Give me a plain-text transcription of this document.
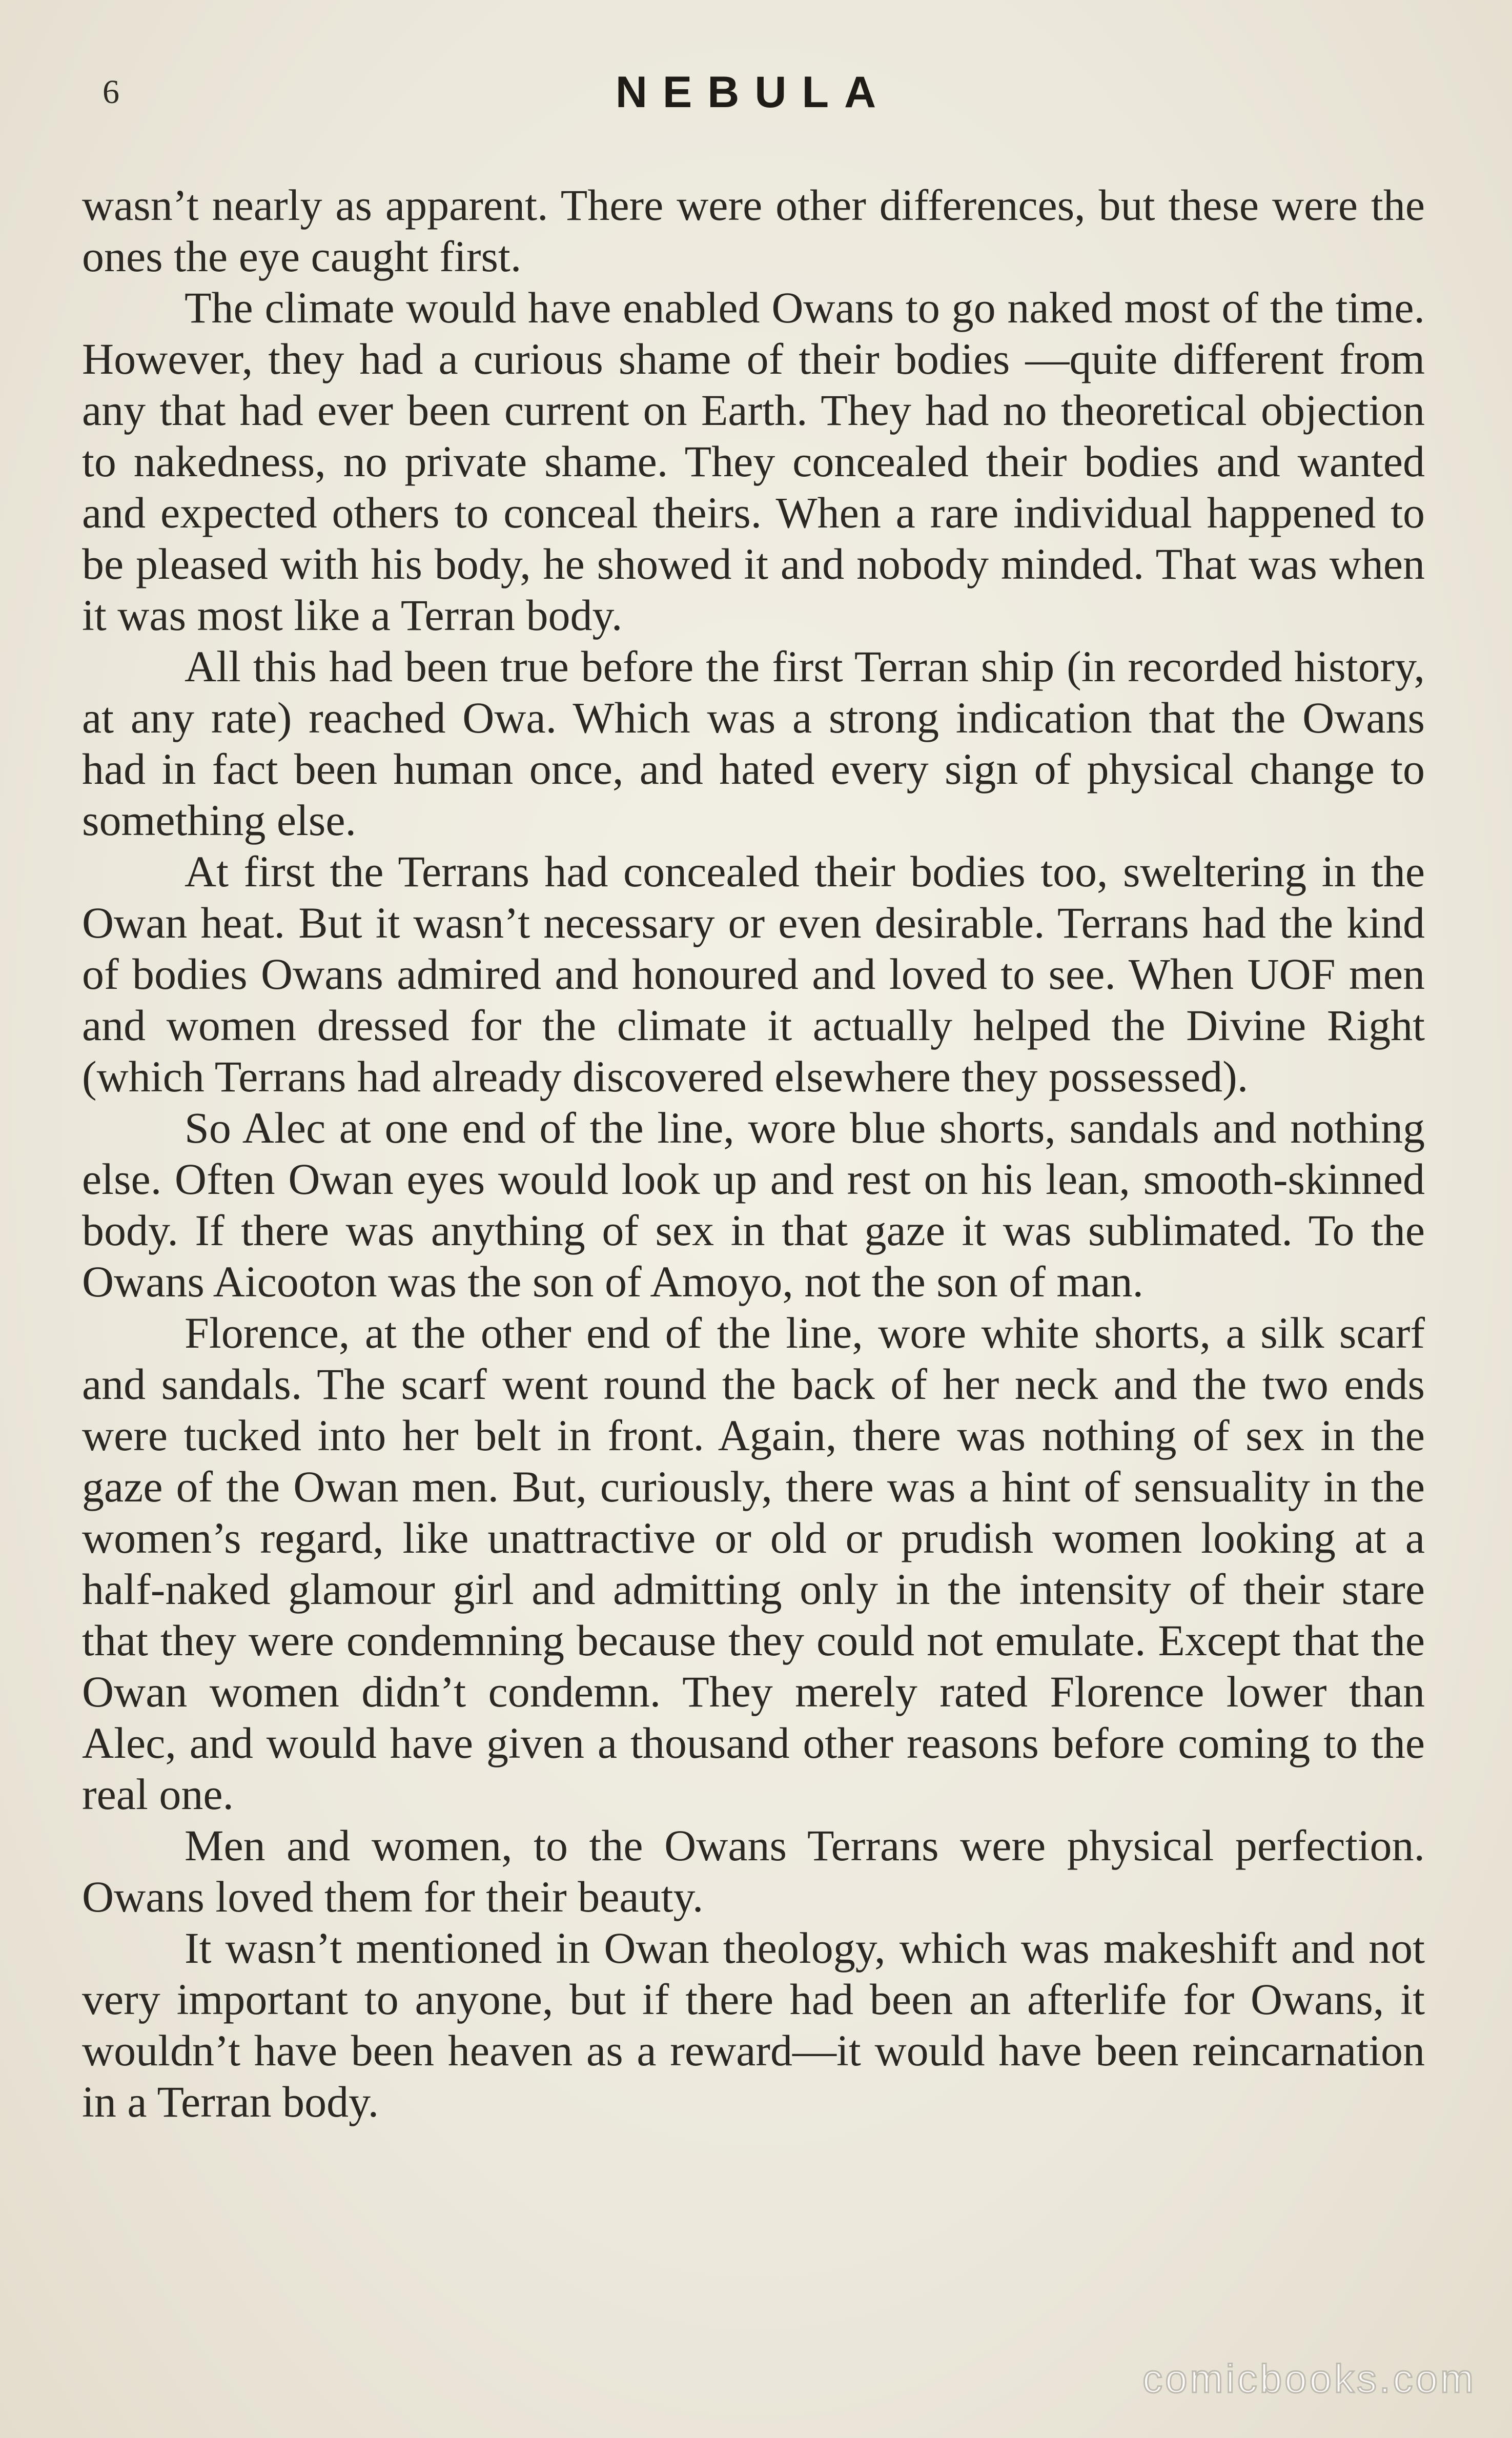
6	NEBULA

wasn’t nearly as apparent. There were other differences, but these were the ones the eye caught first.

The climate would have enabled Owans to go naked most of the time. However, they had a curious shame of their bodies —quite different from any that had ever been current on Earth. They had no theoretical objection to nakedness, no private shame. They concealed their bodies and wanted and expected others to conceal theirs. When a rare individual happened to be pleased with his body, he showed it and nobody minded. That was when it was most like a Terran body.

All this had been true before the first Terran ship (in recorded history, at any rate) reached Owa. Which was a strong indication that the Owans had in fact been human once, and hated every sign of physical change to something else.

At first the Terrans had concealed their bodies too, sweltering in the Owan heat. But it wasn’t necessary or even desirable. Terrans had the kind of bodies Owans admired and honoured and loved to see. When UOF men and women dressed for the climate it actually helped the Divine Right (which Terrans had already discovered elsewhere they possessed).

So Alec at one end of the line, wore blue shorts, sandals and nothing else. Often Owan eyes would look up and rest on his lean, smooth-skinned body. If there was anything of sex in that gaze it was sublimated. To the Owans Aicooton was the son of Amoyo, not the son of man.

Florence, at the other end of the line, wore white shorts, a silk scarf and sandals. The scarf went round the back of her neck and the two ends were tucked into her belt in front. Again, there was nothing of sex in the gaze of the Owan men. But, curiously, there was a hint of sensuality in the women’s regard, like unattractive or old or prudish women looking at a half-naked glamour girl and admitting only in the intensity of their stare that they were condemning because they could not emulate. Except that the Owan women didn’t condemn. They merely rated Florence lower than Alec, and would have given a thousand other reasons before coming to the real one.

Men and women, to the Owans Terrans were physical perfection. Owans loved them for their beauty.

It wasn’t mentioned in Owan theology, which was makeshift and not very important to anyone, but if there had been an afterlife for Owans, it wouldn’t have been heaven as a reward—it would have been reincarnation in a Terran body.

comicbooks.com
